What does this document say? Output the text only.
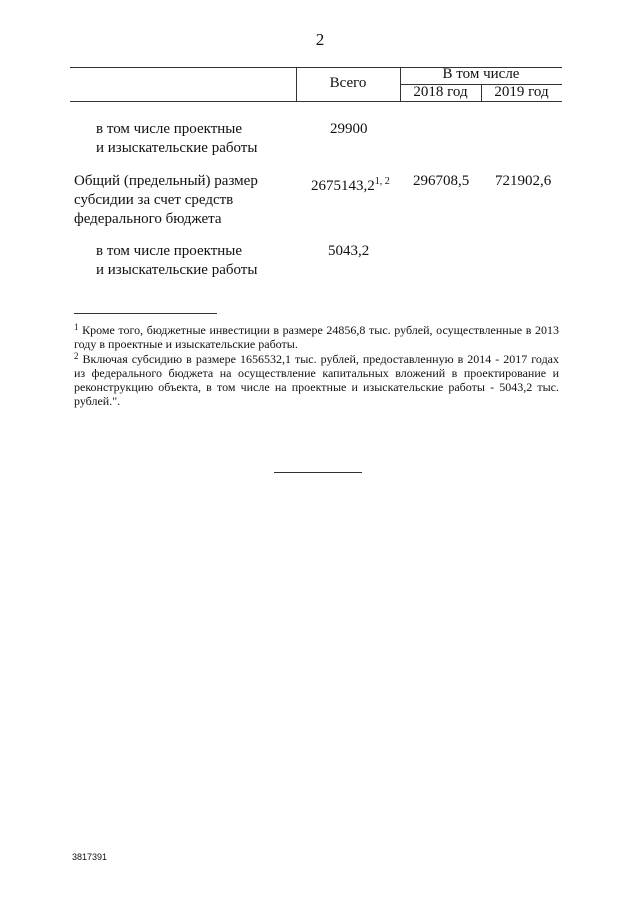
2
Всего
В том числе
2018 год	2019 год
в том числе проектные
и изыскательские работы
29900
Общий (предельный) размер
субсидии за счет средств
федерального бюджета
2675143,2$^{1, 2}$ 296708,5 721902,6
в том числе проектные
и изыскательские работы
5043,2
$^1$ Кроме того, бюджетные инвестиции в размере 24856,8 тыс. рублей, осуществленные в 2013 году в проектные и изыскательские работы.
$^2$ Включая субсидию в размере 1656532,1 тыс. рублей, предоставленную в 2014 - 2017 годах из федерального бюджета на осуществление капитальных вложений в проектирование и реконструкцию объекта, в том числе на проектные и изыскательские работы - 5043,2 тыс. рублей.".
3817391
